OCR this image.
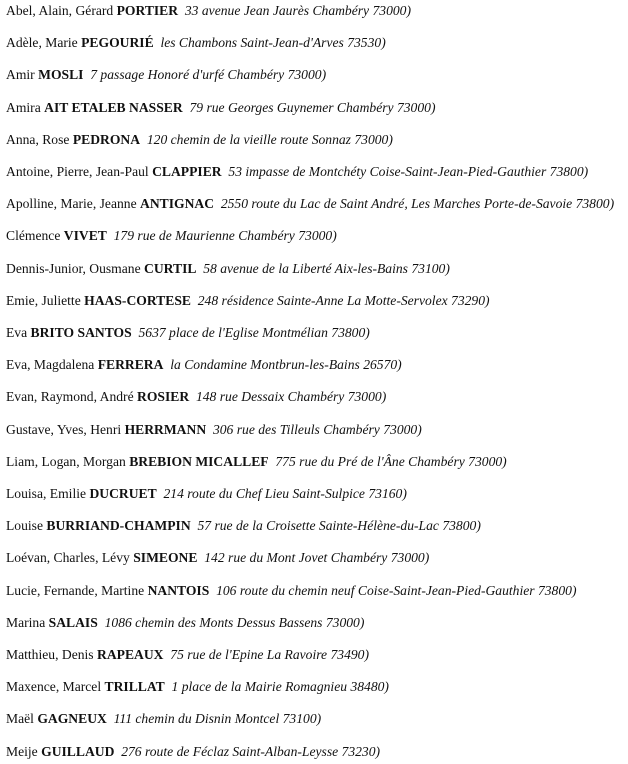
Abel, Alain, Gérard PORTIER 33 avenue Jean Jaurès Chambéry 73000)
Adèle, Marie PEGOURIÉ les Chambons Saint-Jean-d'Arves 73530)
Amir MOSLI 7 passage Honoré d'urfé Chambéry 73000)
Amira AIT ETALEB NASSER 79 rue Georges Guynemer Chambéry 73000)
Anna, Rose PEDRONA 120 chemin de la vieille route Sonnaz 73000)
Antoine, Pierre, Jean-Paul CLAPPIER 53 impasse de Montchéty Coise-Saint-Jean-Pied-Gauthier 73800)
Apolline, Marie, Jeanne ANTIGNAC 2550 route du Lac de Saint André, Les Marches Porte-de-Savoie 73800)
Clémence VIVET 179 rue de Maurienne Chambéry 73000)
Dennis-Junior, Ousmane CURTIL 58 avenue de la Liberté Aix-les-Bains 73100)
Emie, Juliette HAAS-CORTESE 248 résidence Sainte-Anne La Motte-Servolex 73290)
Eva BRITO SANTOS 5637 place de l'Eglise Montmélian 73800)
Eva, Magdalena FERRERA la Condamine Montbrun-les-Bains 26570)
Evan, Raymond, André ROSIER 148 rue Dessaix Chambéry 73000)
Gustave, Yves, Henri HERRMANN 306 rue des Tilleuls Chambéry 73000)
Liam, Logan, Morgan BREBION MICALLEF 775 rue du Pré de l'Âne Chambéry 73000)
Louisa, Emilie DUCRUET 214 route du Chef Lieu Saint-Sulpice 73160)
Louise BURRIAND-CHAMPIN 57 rue de la Croisette Sainte-Hélène-du-Lac 73800)
Loévan, Charles, Lévy SIMEONE 142 rue du Mont Jovet Chambéry 73000)
Lucie, Fernande, Martine NANTOIS 106 route du chemin neuf Coise-Saint-Jean-Pied-Gauthier 73800)
Marina SALAIS 1086 chemin des Monts Dessus Bassens 73000)
Matthieu, Denis RAPEAUX 75 rue de l'Epine La Ravoire 73490)
Maxence, Marcel TRILLAT 1 place de la Mairie Romagnieu 38480)
Maël GAGNEUX 111 chemin du Disnin Montcel 73100)
Meije GUILLAUD 276 route de Féclaz Saint-Alban-Leysse 73230)
